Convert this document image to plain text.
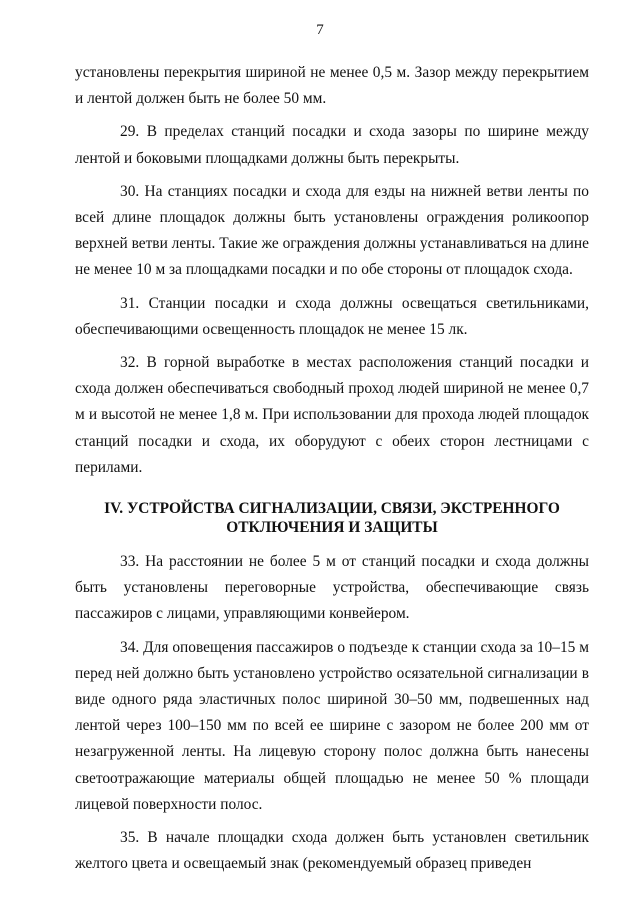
7

установлены перекрытия шириной не менее 0,5 м. Зазор между перекрытием и лентой должен быть не более 50 мм.

29. В пределах станций посадки и схода зазоры по ширине между лентой и боковыми площадками должны быть перекрыты.

30. На станциях посадки и схода для езды на нижней ветви ленты по всей длине площадок должны быть установлены ограждения роликоопор верхней ветви ленты. Такие же ограждения должны устанавливаться на длине не менее 10 м за площадками посадки и по обе стороны от площадок схода.

31. Станции посадки и схода должны освещаться светильниками, обеспечивающими освещенность площадок не менее 15 лк.

32. В горной выработке в местах расположения станций посадки и схода должен обеспечиваться свободный проход людей шириной не менее 0,7 м и высотой не менее 1,8 м. При использовании для прохода людей площадок станций посадки и схода, их оборудуют с обеих сторон лестницами с перилами.

IV. УСТРОЙСТВА СИГНАЛИЗАЦИИ, СВЯЗИ, ЭКСТРЕННОГО
ОТКЛЮЧЕНИЯ И ЗАЩИТЫ

33. На расстоянии не более 5 м от станций посадки и схода должны быть установлены переговорные устройства, обеспечивающие связь пассажиров с лицами, управляющими конвейером.

34. Для оповещения пассажиров о подъезде к станции схода за 10–15 м перед ней должно быть установлено устройство осязательной сигнализации в виде одного ряда эластичных полос шириной 30–50 мм, подвешенных над лентой через 100–150 мм по всей ее ширине с зазором не более 200 мм от незагруженной ленты. На лицевую сторону полос должна быть нанесены светоотражающие материалы общей площадью не менее 50 % площади лицевой поверхности полос.

35. В начале площадки схода должен быть установлен светильник желтого цвета и освещаемый знак (рекомендуемый образец приведен
